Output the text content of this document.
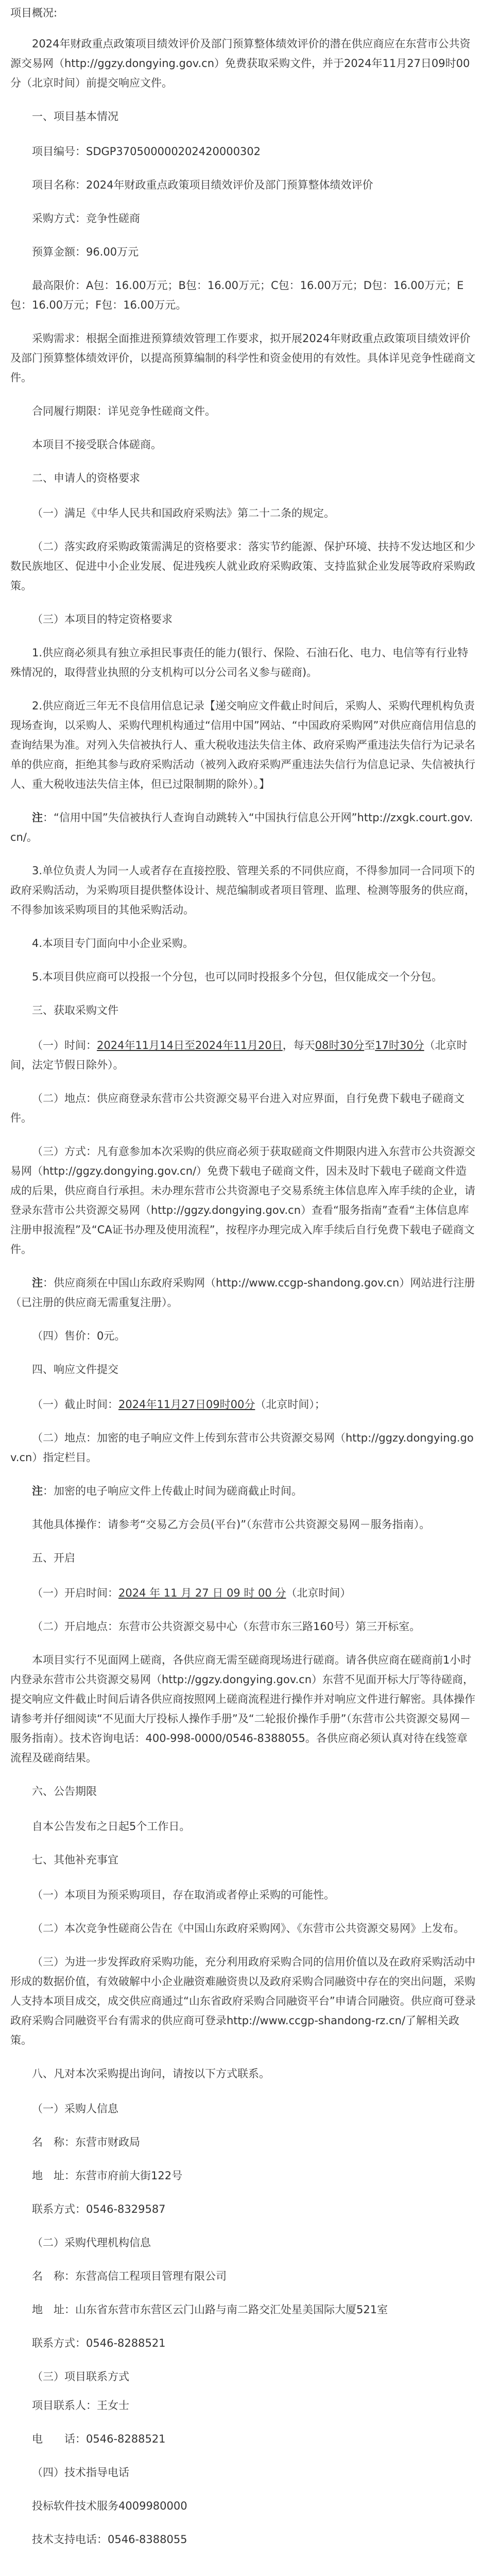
项目概况:
2024年财政重点政策项目绩效评价及部门预算整体绩效评价的潜在供应商应在东营市公共资源交易网（http://ggzy.dongying.gov.cn）免费获取采购文件，并于2024年11月27日09时00分（北京时间）前提交响应文件。
一、项目基本情况
项目编号：SDGP370500000202420000302
项目名称：2024年财政重点政策项目绩效评价及部门预算整体绩效评价
采购方式：竞争性磋商
预算金额：96.00万元
最高限价：A包：16.00万元；B包：16.00万元；C包：16.00万元；D包：16.00万元；E包：16.00万元；F包：16.00万元。
采购需求：根据全面推进预算绩效管理工作要求，拟开展2024年财政重点政策项目绩效评价及部门预算整体绩效评价，以提高预算编制的科学性和资金使用的有效性。具体详见竞争性磋商文件。
合同履行期限：详见竞争性磋商文件。
本项目不接受联合体磋商。
二、申请人的资格要求
（一）满足《中华人民共和国政府采购法》第二十二条的规定。
（二）落实政府采购政策需满足的资格要求：落实节约能源、保护环境、扶持不发达地区和少数民族地区、促进中小企业发展、促进残疾人就业政府采购政策、支持监狱企业发展等政府采购政策。
（三）本项目的特定资格要求
1.供应商必须具有独立承担民事责任的能力(银行、保险、石油石化、电力、电信等有行业特殊情况的，取得营业执照的分支机构可以分公司名义参与磋商)。
2.供应商近三年无不良信用信息记录【递交响应文件截止时间后，采购人、采购代理机构负责现场查询，以采购人、采购代理机构通过“信用中国”网站、“中国政府采购网”对供应商信用信息的查询结果为准。对列入失信被执行人、重大税收违法失信主体、政府采购严重违法失信行为记录名单的供应商，拒绝其参与政府采购活动（被列入政府采购严重违法失信行为信息记录、失信被执行人、重大税收违法失信主体，但已过限制期的除外）。】
注：“信用中国”失信被执行人查询自动跳转入“中国执行信息公开网”http://zxgk.court.gov.cn/。
3.单位负责人为同一人或者存在直接控股、管理关系的不同供应商，不得参加同一合同项下的政府采购活动，为采购项目提供整体设计、规范编制或者项目管理、监理、检测等服务的供应商，不得参加该采购项目的其他采购活动。
4.本项目专门面向中小企业采购。
5.本项目供应商可以投报一个分包，也可以同时投报多个分包，但仅能成交一个分包。
三、获取采购文件
（一）时间：2024年11月14日至2024年11月20日，每天08时30分至17时30分（北京时间，法定节假日除外）。
（二）地点：供应商登录东营市公共资源交易平台进入对应界面，自行免费下载电子磋商文件。
（三）方式：凡有意参加本次采购的供应商必须于获取磋商文件期限内进入东营市公共资源交易网（http://ggzy.dongying.gov.cn/）免费下载电子磋商文件，因未及时下载电子磋商文件造成的后果，供应商自行承担。未办理东营市公共资源电子交易系统主体信息库入库手续的企业，请登录东营市公共资源交易网（http://ggzy.dongying.gov.cn）查看“服务指南”查看“主体信息库注册申报流程”及“CA证书办理及使用流程”，按程序办理完成入库手续后自行免费下载电子磋商文件。
注：供应商须在中国山东政府采购网（http://www.ccgp-shandong.gov.cn）网站进行注册（已注册的供应商无需重复注册）。
（四）售价：0元。
四、响应文件提交
（一）截止时间：2024年11月27日09时00分（北京时间）；
（二）地点：加密的电子响应文件上传到东营市公共资源交易网（http://ggzy.dongying.gov.cn）指定栏目。
注：加密的电子响应文件上传截止时间为磋商截止时间。
其他具体操作：请参考“交易乙方会员(平台)”（东营市公共资源交易网－服务指南）。
五、开启
（一）开启时间：2024 年 11 月 27 日 09 时 00 分（北京时间）
（二）开启地点：东营市公共资源交易中心（东营市东三路160号）第三开标室。
本项目实行不见面网上磋商，各供应商无需至磋商现场进行磋商。请各供应商在磋商前1小时内登录东营市公共资源交易网（http://ggzy.dongying.gov.cn）东营不见面开标大厅等待磋商，提交响应文件截止时间后请各供应商按照网上磋商流程进行操作并对响应文件进行解密。具体操作请参考并仔细阅读“不见面大厅投标人操作手册”及“二轮报价操作手册”（东营市公共资源交易网－服务指南）。技术咨询电话：400-998-0000/0546-8388055。各供应商必须认真对待在线签章流程及磋商结果。
六、公告期限
自本公告发布之日起5个工作日。
七、其他补充事宜
（一）本项目为预采购项目，存在取消或者停止采购的可能性。
（二）本次竞争性磋商公告在《中国山东政府采购网》、《东营市公共资源交易网》上发布。
（三）为进一步发挥政府采购功能，充分利用政府采购合同的信用价值以及在政府采购活动中形成的数据价值，有效破解中小企业融资难融资贵以及政府采购合同融资中存在的突出问题，采购人支持本项目成交，成交供应商通过“山东省政府采购合同融资平台”申请合同融资。供应商可登录政府采购合同融资平台有需求的供应商可登录http://www.ccgp-shandong-rz.cn/了解相关政策。
八、凡对本次采购提出询问，请按以下方式联系。
（一）采购人信息
名　称：东营市财政局
地　址：东营市府前大街122号
联系方式：0546-8329587
（二）采购代理机构信息
名　称：东营高信工程项目管理有限公司
地　址：山东省东营市东营区云门山路与南二路交汇处星美国际大厦521室
联系方式：0546-8288521
（三）项目联系方式
项目联系人：王女士
电　　话：0546-8288521
（四）技术指导电话
投标软件技术服务4009980000
技术支持电话：0546-8388055
